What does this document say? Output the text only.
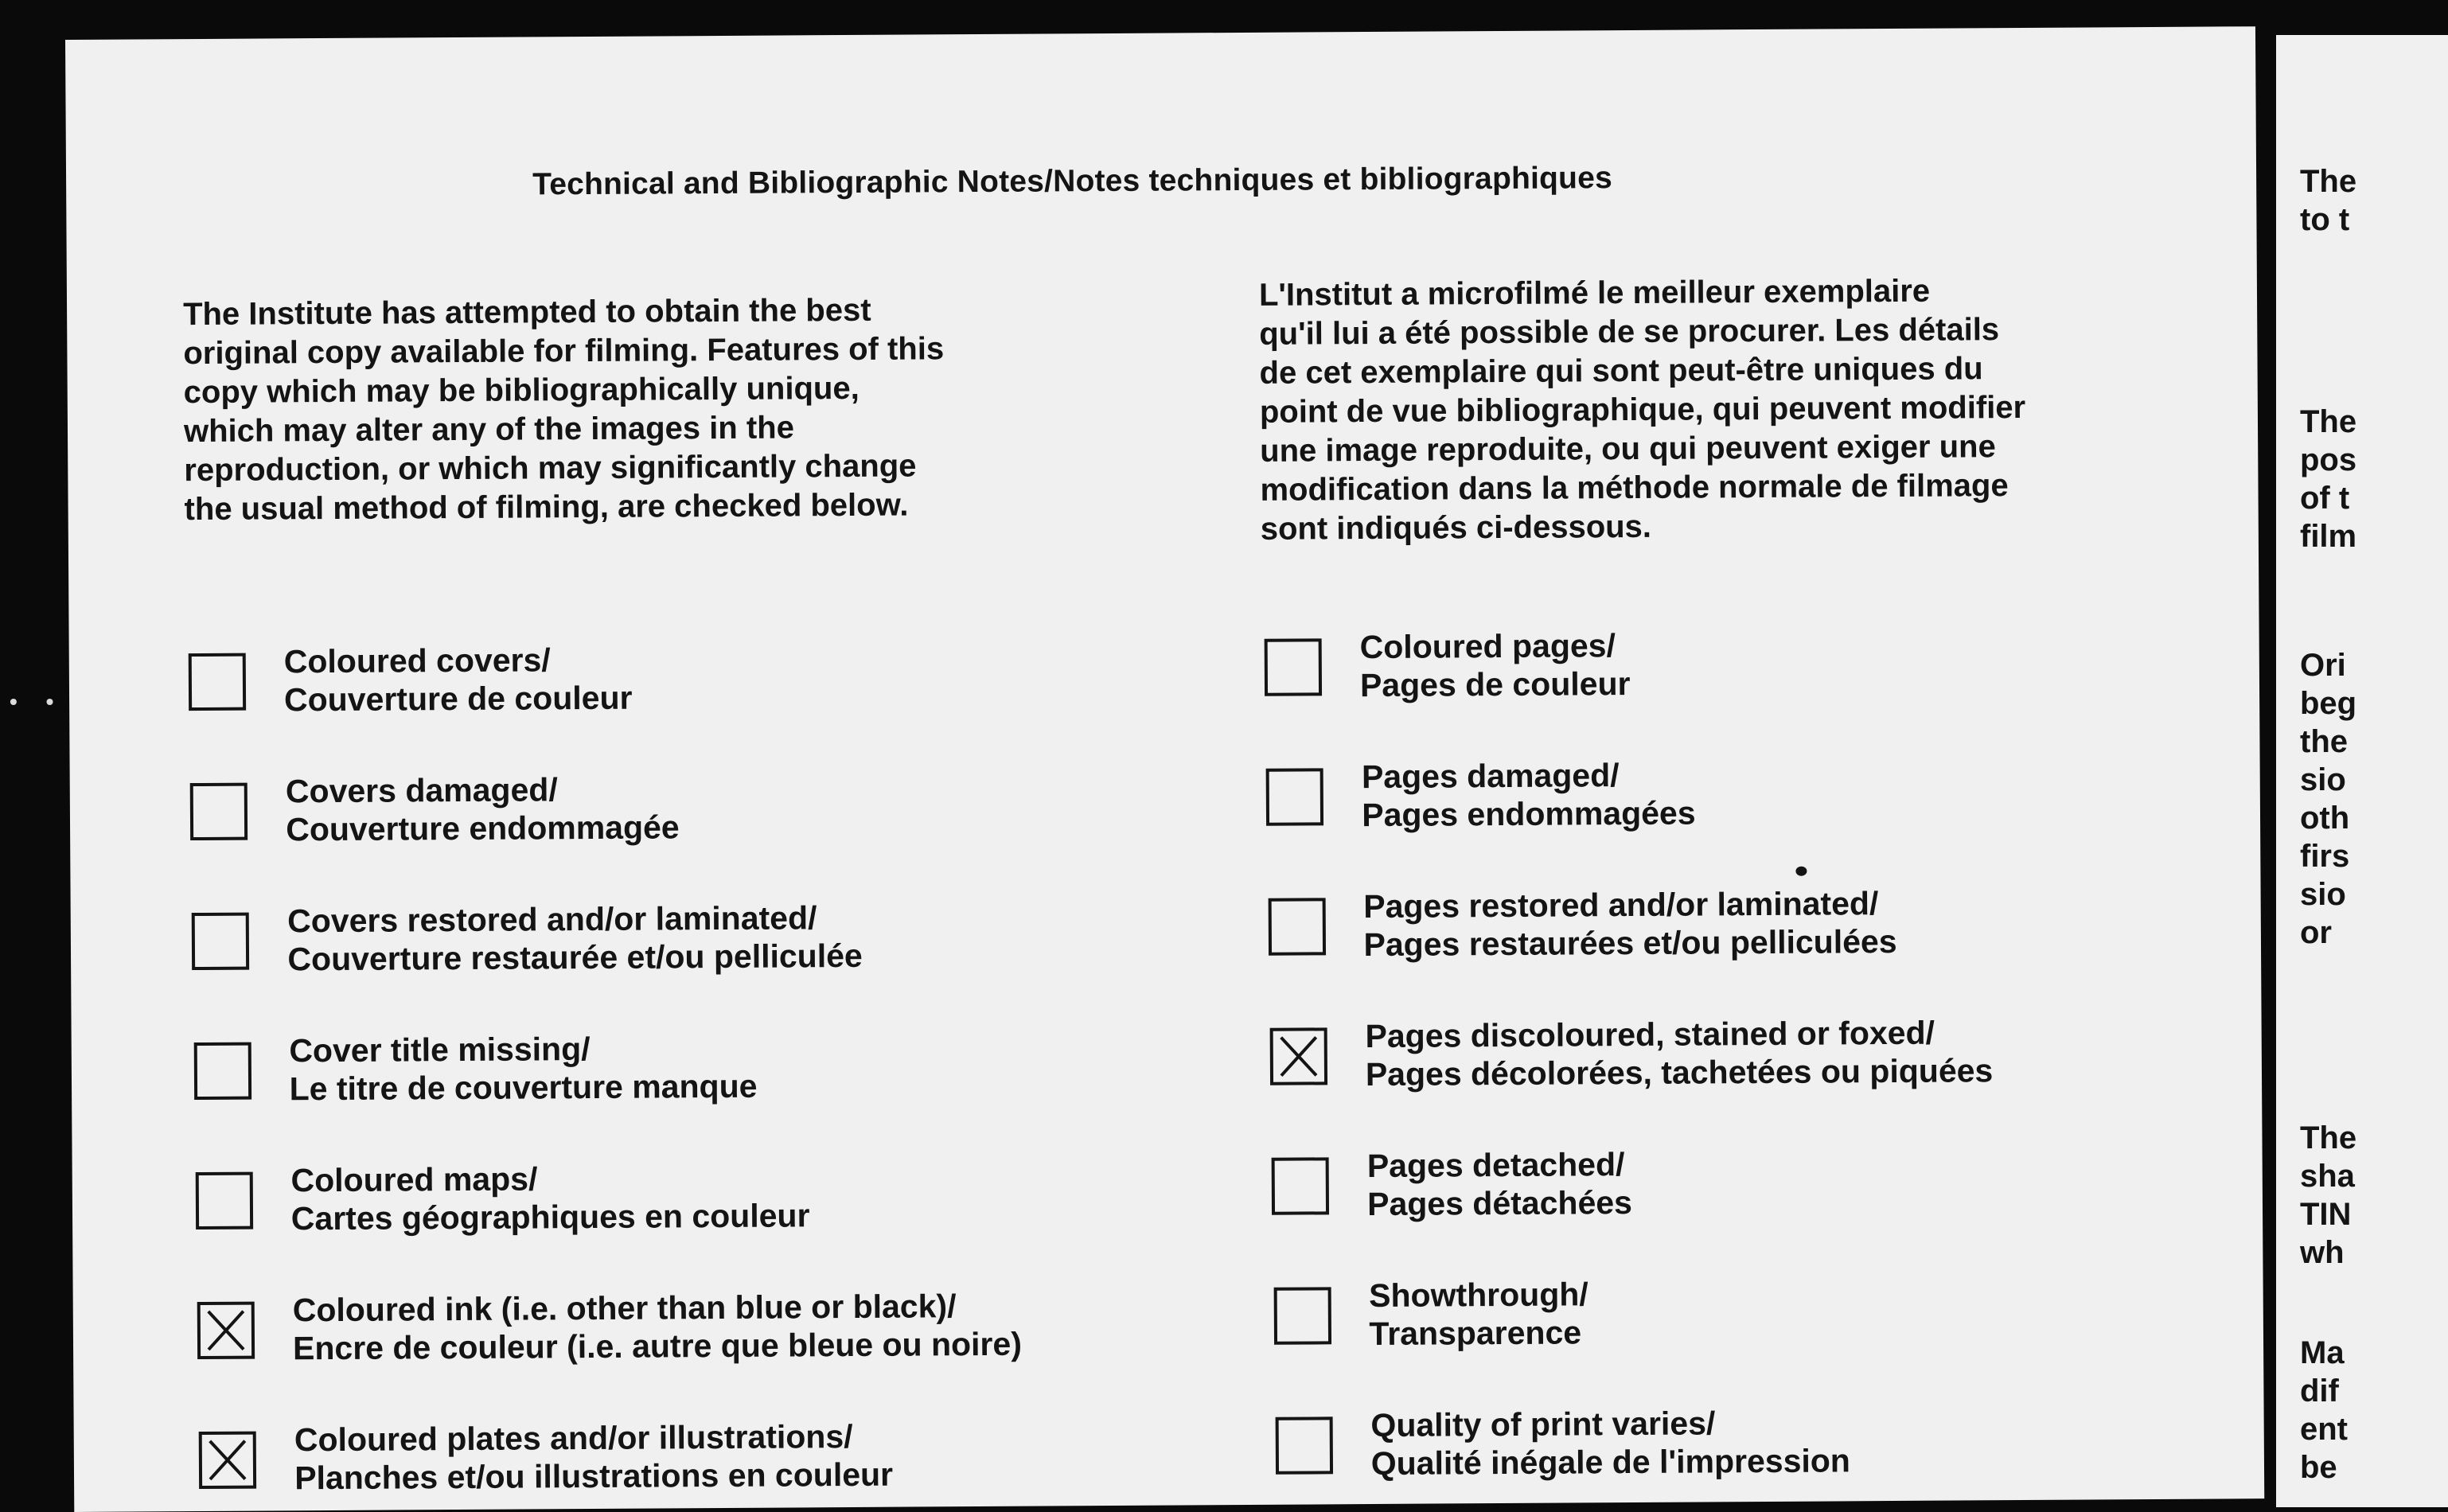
Technical and Bibliographic Notes/Notes techniques et bibliographiques
The Institute has attempted to obtain the best
original copy available for filming. Features of this
copy which may be bibliographically unique,
which may alter any of the images in the
reproduction, or which may significantly change
the usual method of filming, are checked below.
L'Institut a microfilmé le meilleur exemplaire
qu'il lui a été possible de se procurer. Les détails
de cet exemplaire qui sont peut-être uniques du
point de vue bibliographique, qui peuvent modifier
une image reproduite, ou qui peuvent exiger une
modification dans la méthode normale de filmage
sont indiqués ci-dessous.
Coloured covers/
Couverture de couleur
Covers damaged/
Couverture endommagée
Covers restored and/or laminated/
Couverture restaurée et/ou pelliculée
Cover title missing/
Le titre de couverture manque
Coloured maps/
Cartes géographiques en couleur
Coloured ink (i.e. other than blue or black)/
Encre de couleur (i.e. autre que bleue ou noire)
Coloured plates and/or illustrations/
Planches et/ou illustrations en couleur
Coloured pages/
Pages de couleur
Pages damaged/
Pages endommagées
Pages restored and/or laminated/
Pages restaurées et/ou pelliculées
Pages discoloured, stained or foxed/
Pages décolorées, tachetées ou piquées
Pages detached/
Pages détachées
Showthrough/
Transparence
Quality of print varies/
Qualité inégale de l'impression
• •
The
to t
The
pos
of t
film
Ori
beg
the
sio
oth
firs
sio
or
The
sha
TIN
wh
Ma
dif
ent
be
